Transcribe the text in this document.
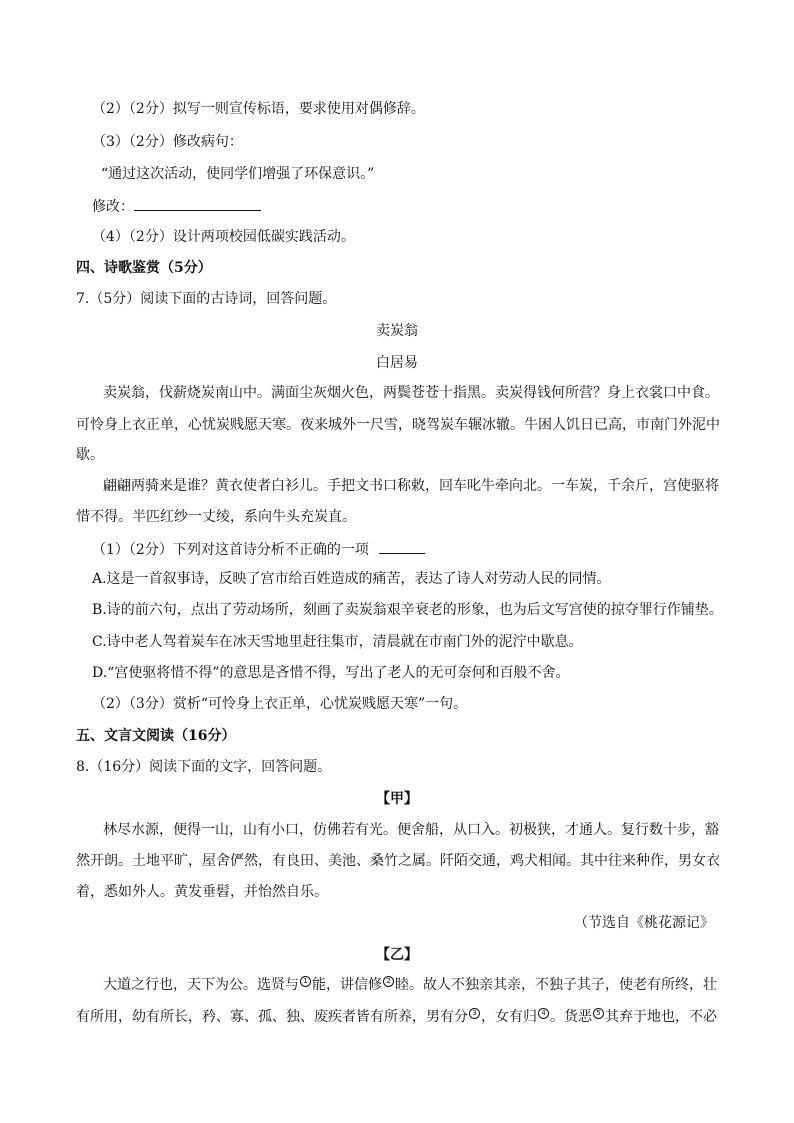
（2）（2分）拟写一则宣传标语，要求使用对偶修辞。
（3）（2分）修改病句：
“通过这次活动，使同学们增强了环保意识。”
修改：
（4）（2分）设计两项校园低碳实践活动。
四、诗歌鉴赏（5分）
7.（5分）阅读下面的古诗词，回答问题。
卖炭翁
白居易
卖炭翁，伐薪烧炭南山中。满面尘灰烟火色，两鬓苍苍十指黑。卖炭得钱何所营？身上衣裳口中食。
可怜身上衣正单，心忧炭贱愿天寒。夜来城外一尺雪，晓驾炭车辗冰辙。牛困人饥日已高，市南门外泥中
歇。
翩翩两骑来是谁？黄衣使者白衫儿。手把文书口称敕，回车叱牛牵向北。一车炭，千余斤，宫使驱将
惜不得。半匹红纱一丈绫，系向牛头充炭直。
（1）（2分）下列对这首诗分析不正确的一项
A.这是一首叙事诗，反映了宫市给百姓造成的痛苦，表达了诗人对劳动人民的同情。
B.诗的前六句，点出了劳动场所，刻画了卖炭翁艰辛衰老的形象，也为后文写宫使的掠夺罪行作铺垫。
C.诗中老人驾着炭车在冰天雪地里赶往集市，清晨就在市南门外的泥泞中歇息。
D.“宫使驱将惜不得”的意思是吝惜不得，写出了老人的无可奈何和百般不舍。
（2）（3分）赏析“可怜身上衣正单，心忧炭贱愿天寒”一句。
五、文言文阅读（16分）
8.（16分）阅读下面的文字，回答问题。
【甲】
林尽水源，便得一山，山有小口，仿佛若有光。便舍船，从口入。初极狭，才通人。复行数十步，豁
然开朗。土地平旷，屋舍俨然，有良田、美池、桑竹之属。阡陌交通，鸡犬相闻。其中往来种作，男女衣
着，悉如外人。黄发垂髫，并怡然自乐。
（节选自《桃花源记》
【乙】
大道之行也，天下为公。选贤与 1 能，讲信修 2 睦。故人不独亲其亲，不独子其子，使老有所终，壮
有所用，幼有所长，矜、寡、孤、独、废疾者皆有所养，男有分 3 ，女有归 4 。货恶 5 其弃于地也，不必
